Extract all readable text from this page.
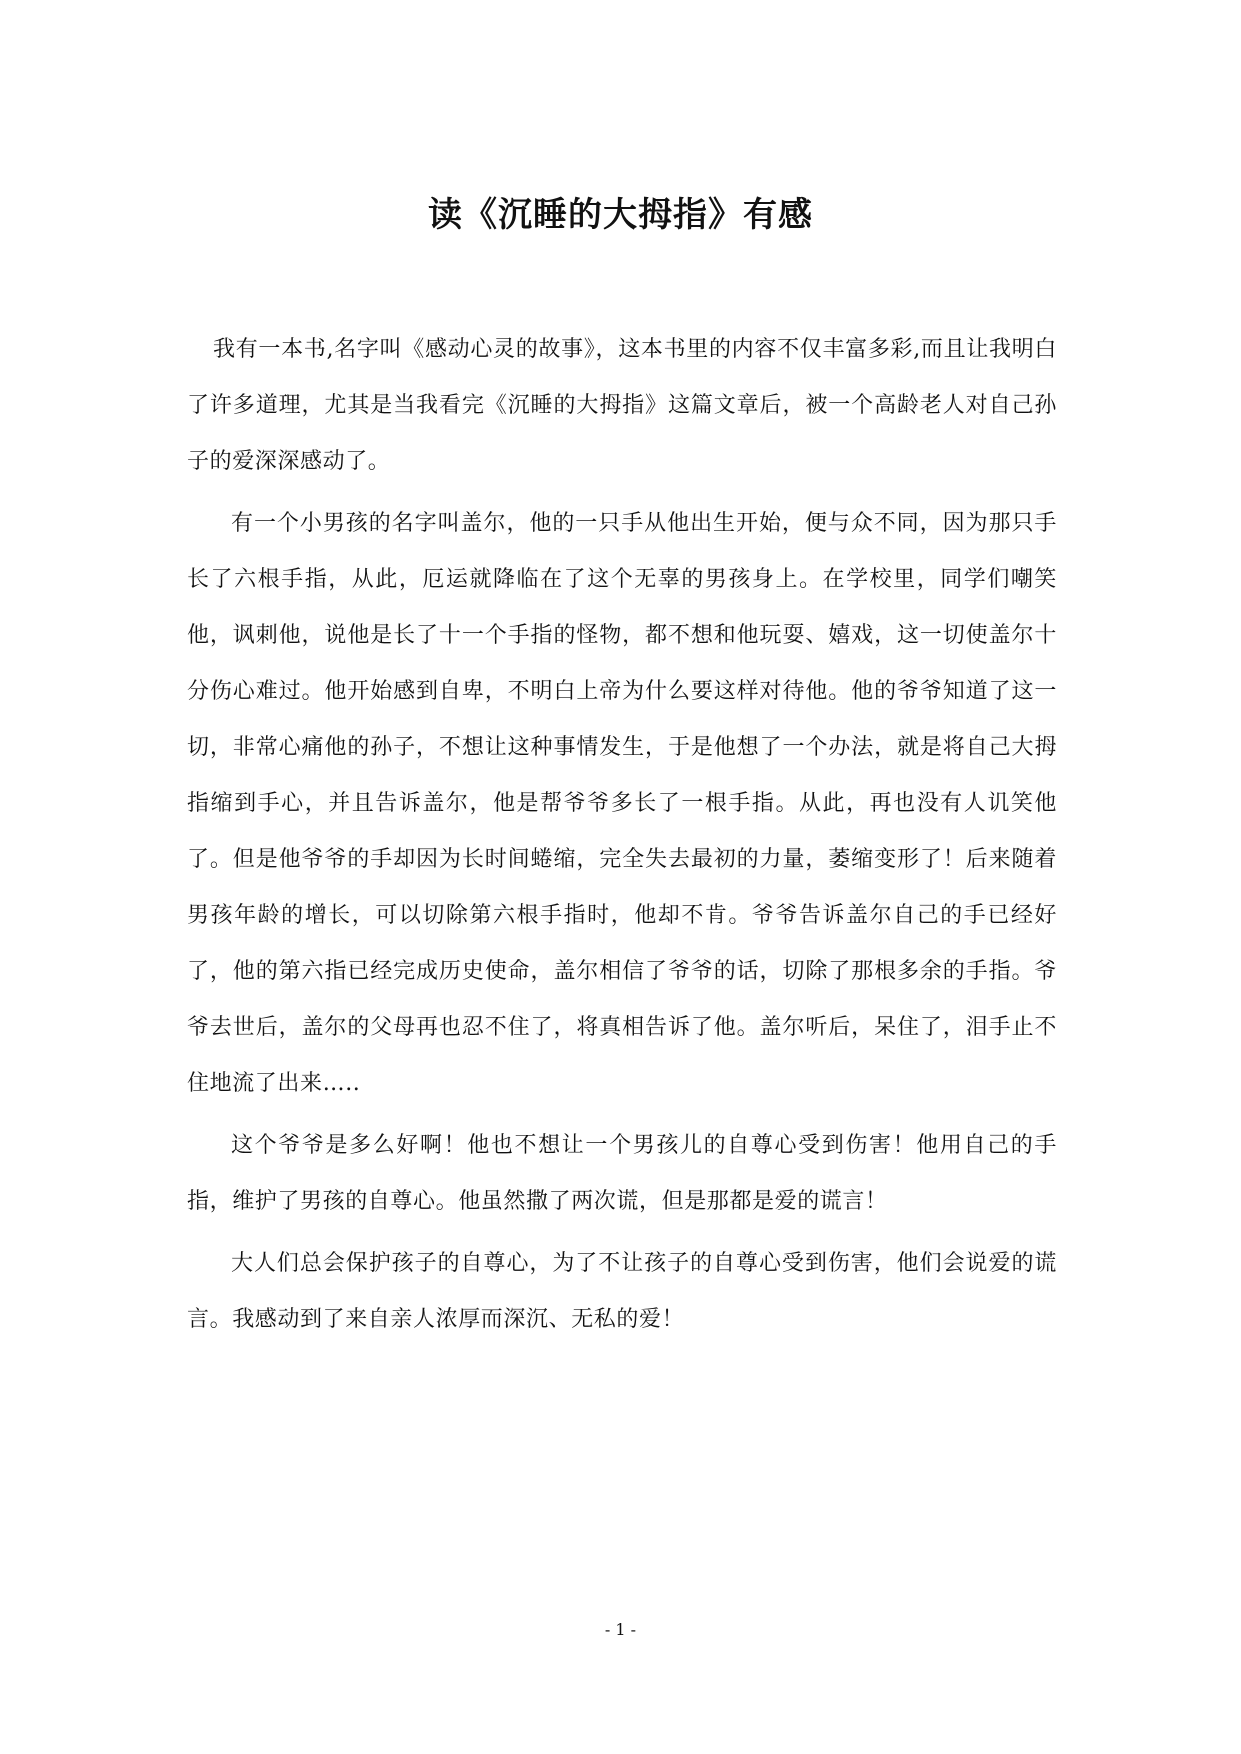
读《沉睡的大拇指》有感

我有一本书,名字叫《感动心灵的故事》，这本书里的内容不仅丰富多彩,而且让我明白了许多道理，尤其是当我看完《沉睡的大拇指》这篇文章后，被一个高龄老人对自己孙子的爱深深感动了。

有一个小男孩的名字叫盖尔，他的一只手从他出生开始，便与众不同，因为那只手长了六根手指，从此，厄运就降临在了这个无辜的男孩身上。在学校里，同学们嘲笑他，讽刺他，说他是长了十一个手指的怪物，都不想和他玩耍、嬉戏，这一切使盖尔十分伤心难过。他开始感到自卑，不明白上帝为什么要这样对待他。他的爷爷知道了这一切，非常心痛他的孙子，不想让这种事情发生，于是他想了一个办法，就是将自己大拇指缩到手心，并且告诉盖尔，他是帮爷爷多长了一根手指。从此，再也没有人讥笑他了。但是他爷爷的手却因为长时间蜷缩，完全失去最初的力量，萎缩变形了！后来随着男孩年龄的增长，可以切除第六根手指时，他却不肯。爷爷告诉盖尔自己的手已经好了，他的第六指已经完成历史使命，盖尔相信了爷爷的话，切除了那根多余的手指。爷爷去世后，盖尔的父母再也忍不住了，将真相告诉了他。盖尔听后，呆住了，泪手止不住地流了出来…..

这个爷爷是多么好啊！他也不想让一个男孩儿的自尊心受到伤害！他用自己的手指，维护了男孩的自尊心。他虽然撒了两次谎，但是那都是爱的谎言！

大人们总会保护孩子的自尊心，为了不让孩子的自尊心受到伤害，他们会说爱的谎言。我感动到了来自亲人浓厚而深沉、无私的爱！

- 1 -
